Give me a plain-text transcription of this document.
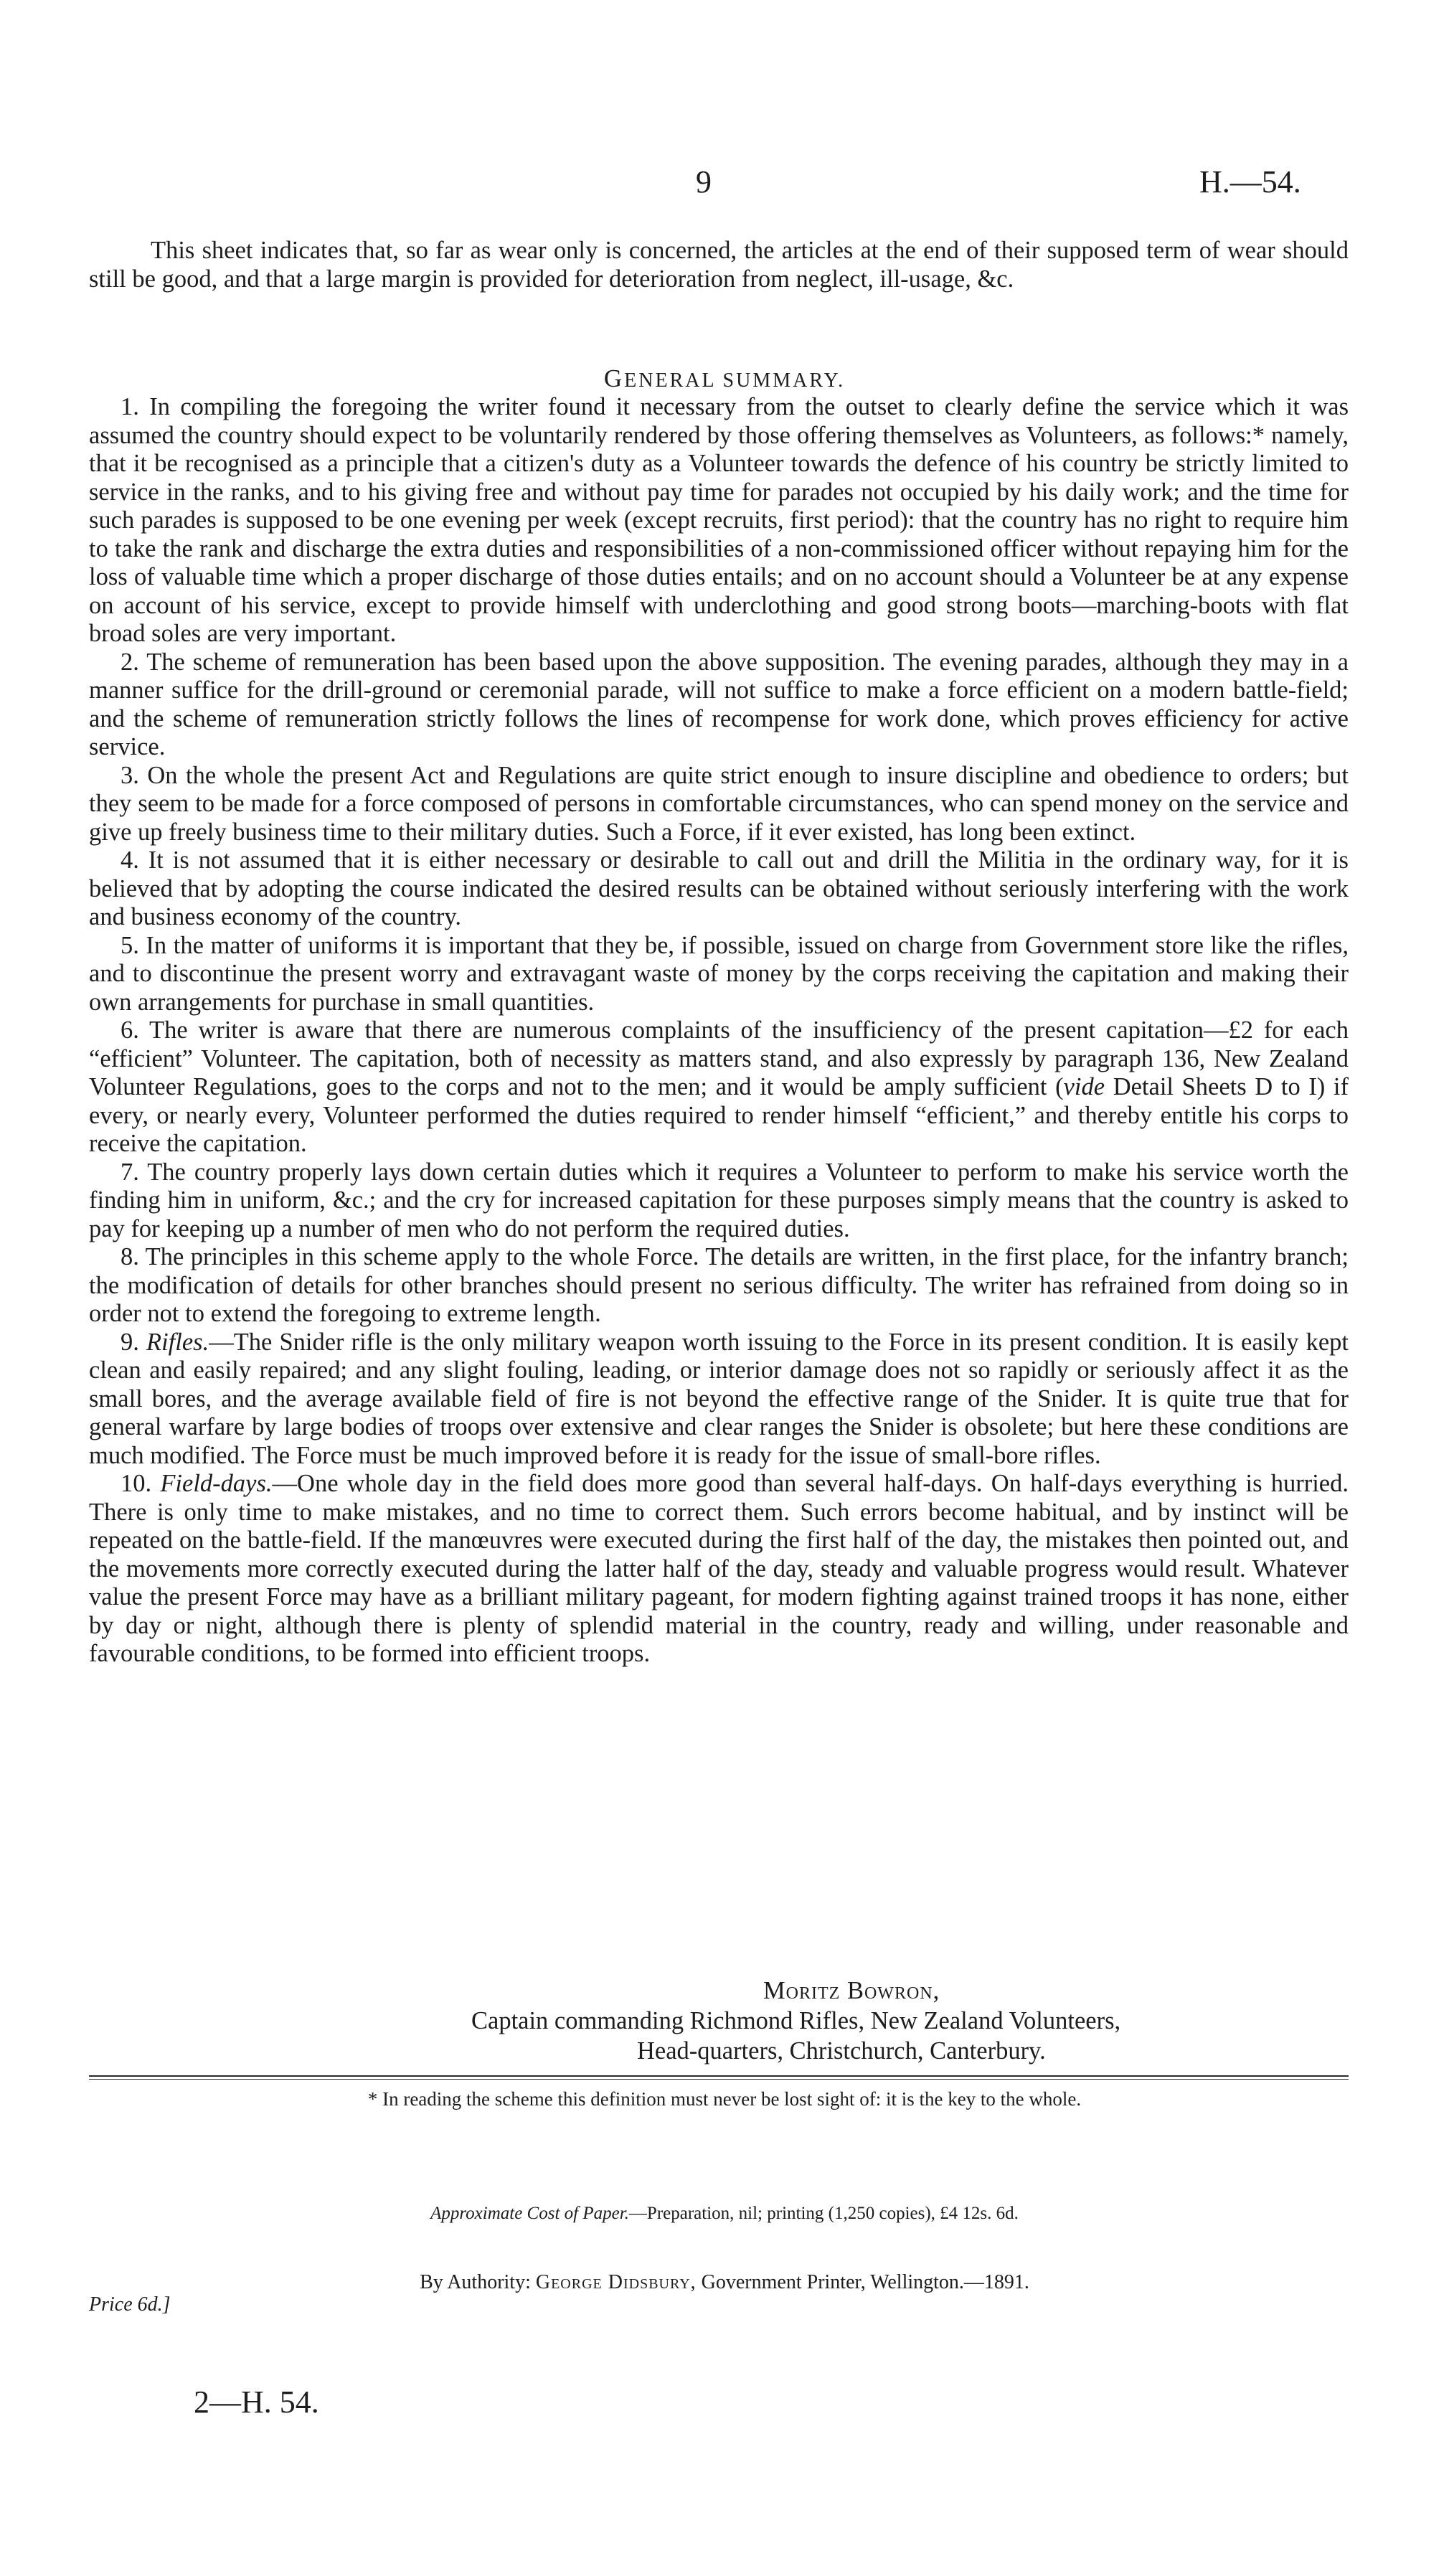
9	H.—54.

This sheet indicates that, so far as wear only is concerned, the articles at the end of their supposed term of wear should still be good, and that a large margin is provided for deterioration from neglect, ill-usage, &c.

GENERAL SUMMARY.

1. In compiling the foregoing the writer found it necessary from the outset to clearly define the service which it was assumed the country should expect to be voluntarily rendered by those offering themselves as Volunteers, as follows:* namely, that it be recognised as a principle that a citizen's duty as a Volunteer towards the defence of his country be strictly limited to service in the ranks, and to his giving free and without pay time for parades not occupied by his daily work; and the time for such parades is supposed to be one evening per week (except recruits, first period): that the country has no right to require him to take the rank and discharge the extra duties and responsibilities of a non-commissioned officer without repaying him for the loss of valuable time which a proper discharge of those duties entails; and on no account should a Volunteer be at any expense on account of his service, except to provide himself with underclothing and good strong boots—marching-boots with flat broad soles are very important.

2. The scheme of remuneration has been based upon the above supposition. The evening parades, although they may in a manner suffice for the drill-ground or ceremonial parade, will not suffice to make a force efficient on a modern battle-field; and the scheme of remuneration strictly follows the lines of recompense for work done, which proves efficiency for active service.

3. On the whole the present Act and Regulations are quite strict enough to insure discipline and obedience to orders; but they seem to be made for a force composed of persons in comfortable circumstances, who can spend money on the service and give up freely business time to their military duties. Such a Force, if it ever existed, has long been extinct.

4. It is not assumed that it is either necessary or desirable to call out and drill the Militia in the ordinary way, for it is believed that by adopting the course indicated the desired results can be obtained without seriously interfering with the work and business economy of the country.

5. In the matter of uniforms it is important that they be, if possible, issued on charge from Government store like the rifles, and to discontinue the present worry and extravagant waste of money by the corps receiving the capitation and making their own arrangements for purchase in small quantities.

6. The writer is aware that there are numerous complaints of the insufficiency of the present capitation—£2 for each “efficient” Volunteer. The capitation, both of necessity as matters stand, and also expressly by paragraph 136, New Zealand Volunteer Regulations, goes to the corps and not to the men; and it would be amply sufficient (vide Detail Sheets D to I) if every, or nearly every, Volunteer performed the duties required to render himself “efficient,” and thereby entitle his corps to receive the capitation.

7. The country properly lays down certain duties which it requires a Volunteer to perform to make his service worth the finding him in uniform, &c.; and the cry for increased capitation for these purposes simply means that the country is asked to pay for keeping up a number of men who do not perform the required duties.

8. The principles in this scheme apply to the whole Force. The details are written, in the first place, for the infantry branch; the modification of details for other branches should present no serious difficulty. The writer has refrained from doing so in order not to extend the foregoing to extreme length.

9. Rifles.—The Snider rifle is the only military weapon worth issuing to the Force in its present condition. It is easily kept clean and easily repaired; and any slight fouling, leading, or interior damage does not so rapidly or seriously affect it as the small bores, and the average available field of fire is not beyond the effective range of the Snider. It is quite true that for general warfare by large bodies of troops over extensive and clear ranges the Snider is obsolete; but here these conditions are much modified. The Force must be much improved before it is ready for the issue of small-bore rifles.

10. Field-days.—One whole day in the field does more good than several half-days. On half-days everything is hurried. There is only time to make mistakes, and no time to correct them. Such errors become habitual, and by instinct will be repeated on the battle-field. If the manœuvres were executed during the first half of the day, the mistakes then pointed out, and the movements more correctly executed during the latter half of the day, steady and valuable progress would result. Whatever value the present Force may have as a brilliant military pageant, for modern fighting against trained troops it has none, either by day or night, although there is plenty of splendid material in the country, ready and willing, under reasonable and favourable conditions, to be formed into efficient troops.

Moritz Bowron,
Captain commanding Richmond Rifles, New Zealand Volunteers,
Head-quarters, Christchurch, Canterbury.
* In reading the scheme this definition must never be lost sight of: it is the key to the whole.
Approximate Cost of Paper.—Preparation, nil; printing (1,250 copies), £4 12s. 6d.
By Authority: George Didsbury, Government Printer, Wellington.—1891.
Price 6d.]
2—H. 54.
